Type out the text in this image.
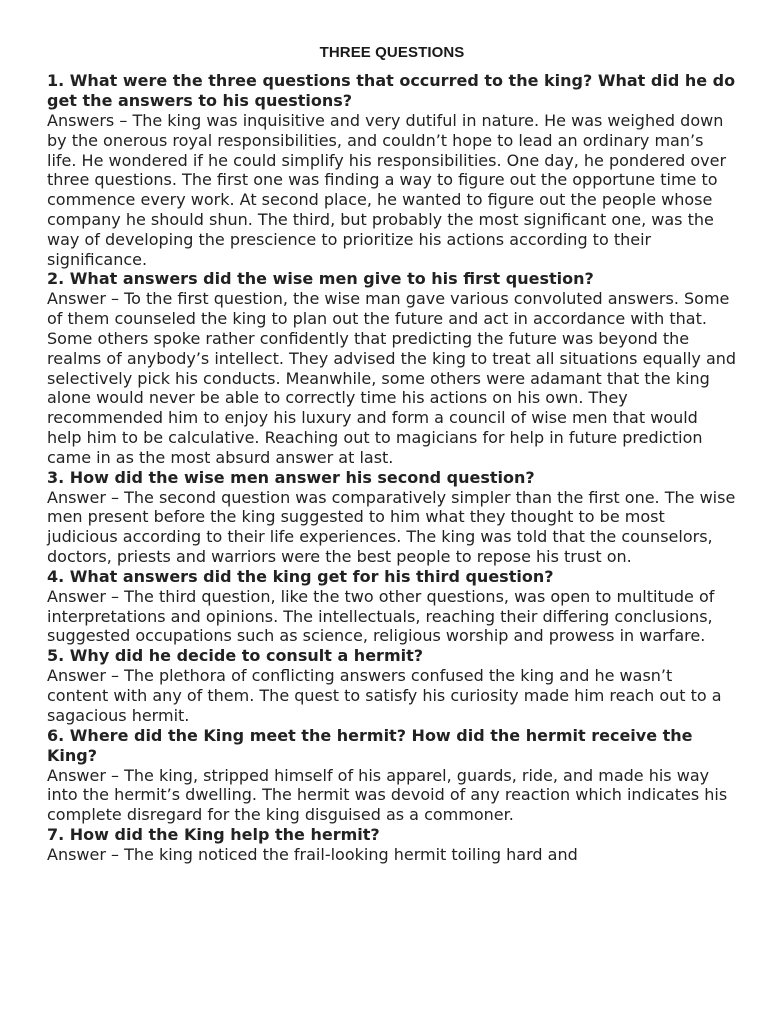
THREE QUESTIONS

1. What were the three questions that occurred to the king? What did he do get the answers to his questions?

Answers – The king was inquisitive and very dutiful in nature. He was weighed down by the onerous royal responsibilities, and couldn’t hope to lead an ordinary man’s life. He wondered if he could simplify his responsibilities. One day, he pondered over three questions. The first one was finding a way to figure out the opportune time to commence every work. At second place, he wanted to figure out the people whose company he should shun. The third, but probably the most significant one, was the way of developing the prescience to prioritize his actions according to their significance.

2. What answers did the wise men give to his first question?

Answer – To the first question, the wise man gave various convoluted answers. Some of them counseled the king to plan out the future and act in accordance with that. Some others spoke rather confidently that predicting the future was beyond the realms of anybody’s intellect. They advised the king to treat all situations equally and selectively pick his conducts. Meanwhile, some others were adamant that the king alone would never be able to correctly time his actions on his own. They recommended him to enjoy his luxury and form a council of wise men that would help him to be calculative. Reaching out to magicians for help in future prediction came in as the most absurd answer at last.

3. How did the wise men answer his second question?

Answer – The second question was comparatively simpler than the first one. The wise men present before the king suggested to him what they thought to be most judicious according to their life experiences. The king was told that the counselors, doctors, priests and warriors were the best people to repose his trust on.

4. What answers did the king get for his third question?

Answer – The third question, like the two other questions, was open to multitude of interpretations and opinions. The intellectuals, reaching their differing conclusions, suggested occupations such as science, religious worship and prowess in warfare.

5. Why did he decide to consult a hermit?

Answer – The plethora of conflicting answers confused the king and he wasn’t content with any of them. The quest to satisfy his curiosity made him reach out to a sagacious hermit.

6. Where did the King meet the hermit? How did the hermit receive the King?

Answer – The king, stripped himself of his apparel, guards, ride, and made his way into the hermit’s dwelling. The hermit was devoid of any reaction which indicates his complete disregard for the king disguised as a commoner.

7. How did the King help the hermit?

Answer – The king noticed the frail-looking hermit toiling hard and
